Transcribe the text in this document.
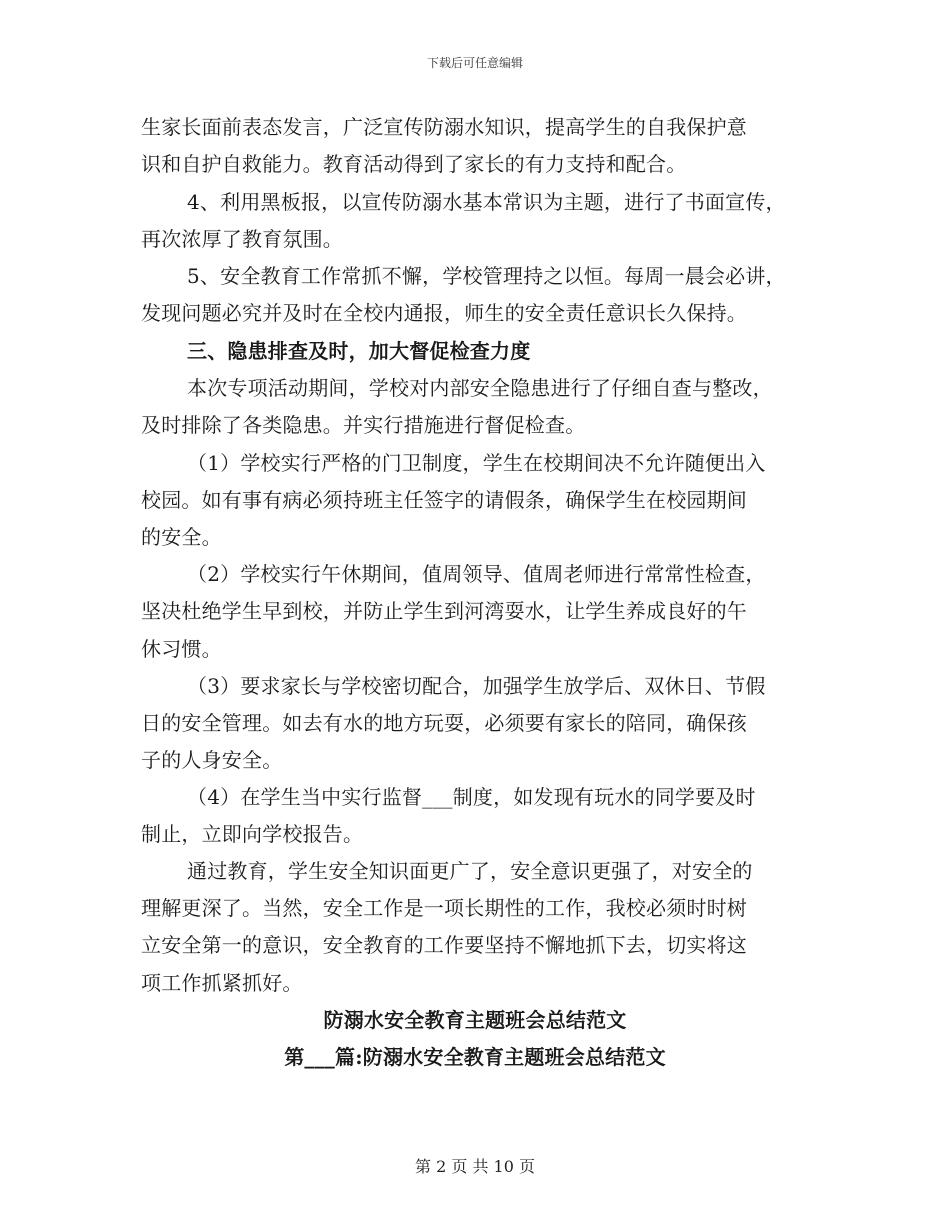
下载后可任意编辑
生家长面前表态发言，广泛宣传防溺水知识，提高学生的自我保护意
识和自护自救能力。教育活动得到了家长的有力支持和配合。
4、利用黑板报，以宣传防溺水基本常识为主题，进行了书面宣传，
再次浓厚了教育氛围。
5、安全教育工作常抓不懈，学校管理持之以恒。每周一晨会必讲，
发现问题必究并及时在全校内通报，师生的安全责任意识长久保持。
三、隐患排查及时，加大督促检查力度
本次专项活动期间，学校对内部安全隐患进行了仔细自查与整改，
及时排除了各类隐患。并实行措施进行督促检查。
（1）学校实行严格的门卫制度，学生在校期间决不允许随便出入
校园。如有事有病必须持班主任签字的请假条，确保学生在校园期间
的安全。
（2）学校实行午休期间，值周领导、值周老师进行常常性检查，
坚决杜绝学生早到校，并防止学生到河湾耍水，让学生养成良好的午
休习惯。
（3）要求家长与学校密切配合，加强学生放学后、双休日、节假
日的安全管理。如去有水的地方玩耍，必须要有家长的陪同，确保孩
子的人身安全。
（4）在学生当中实行监督___制度，如发现有玩水的同学要及时
制止，立即向学校报告。
通过教育，学生安全知识面更广了，安全意识更强了，对安全的
理解更深了。当然，安全工作是一项长期性的工作，我校必须时时树
立安全第一的意识，安全教育的工作要坚持不懈地抓下去，切实将这
项工作抓紧抓好。
防溺水安全教育主题班会总结范文
第___篇:防溺水安全教育主题班会总结范文
第 2 页 共 10 页
